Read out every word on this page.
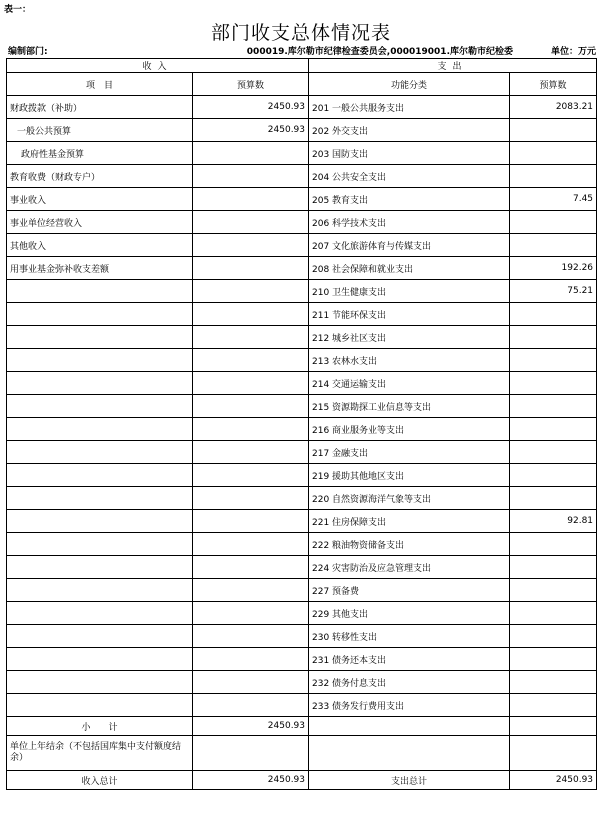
表一：
部门收支总体情况表
编制部门:	000019.库尔勒市纪律检查委员会,000019001.库尔勒市纪检委	单位：万元
收入		支出	
项　目	预算数	功能分类	预算数
财政拨款（补助）	2450.93	201 一般公共服务支出	2083.21
一般公共预算	2450.93	202 外交支出	
政府性基金预算		203 国防支出	
教育收费（财政专户）		204 公共安全支出	
事业收入		205 教育支出	7.45
事业单位经营收入		206 科学技术支出	
其他收入		207 文化旅游体育与传媒支出	
用事业基金弥补收支差额		208 社会保障和就业支出	192.26
		210 卫生健康支出	75.21
		211 节能环保支出	
		212 城乡社区支出	
		213 农林水支出	
		214 交通运输支出	
		215 资源勘探工业信息等支出	
		216 商业服务业等支出	
		217 金融支出	
		219 援助其他地区支出	
		220 自然资源海洋气象等支出	
		221 住房保障支出	92.81
		222 粮油物资储备支出	
		224 灾害防治及应急管理支出	
		227 预备费	
		229 其他支出	
		230 转移性支出	
		231 债务还本支出	
		232 债务付息支出	
		233 债务发行费用支出	
小　　计	2450.93		
单位上年结余（不包括国库集中支付额度结余）			
收入总计	2450.93	支出总计	2450.93
